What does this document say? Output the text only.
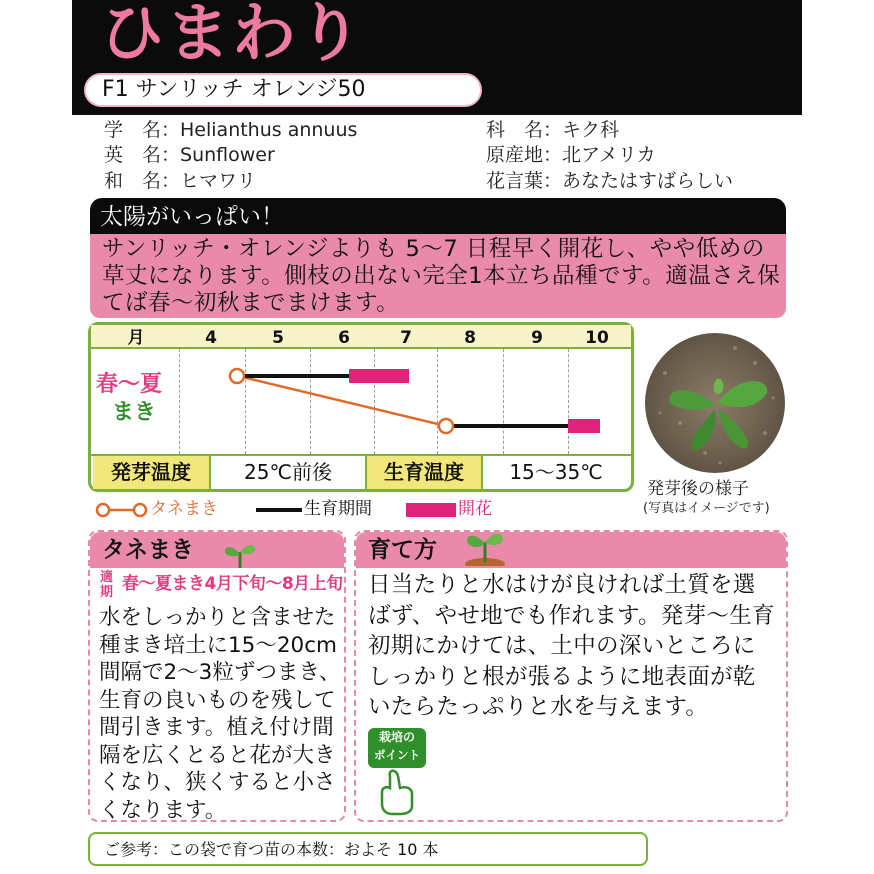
ひまわり
F1 サンリッチ オレンジ50
学　名：Helianthus annuus
英　名：Sunflower
和　名：ヒマワリ
科　名：キク科
原産地：北アメリカ
花言葉：あなたはすばらしい
太陽がいっぱい！
サンリッチ・オレンジよりも 5〜7 日程早く開花し、やや低めの草丈になります。側枝の出ない完全1本立ち品種です。適温さえ保てば春〜初秋までまけます。
月	4	5	6	7	8	9	10
春〜夏
まき
発芽温度	25℃前後	生育温度	15〜35℃
タネまき	生育期間	開花
発芽後の様子
(写真はイメージです)
タネまき
適期 春〜夏まき4月下旬〜8月上旬
水をしっかりと含ませた種まき培土に15〜20cm間隔で2〜3粒ずつまき、生育の良いものを残して間引きます。植え付け間隔を広くとると花が大きくなり、狭くすると小さくなります。
育て方
日当たりと水はけが良ければ土質を選ばず、やせ地でも作れます。発芽〜生育初期にかけては、土中の深いところにしっかりと根が張るように地表面が乾いたらたっぷりと水を与えます。
栽培の
ポイント
ご参考：この袋で育つ苗の本数：およそ 10 本
